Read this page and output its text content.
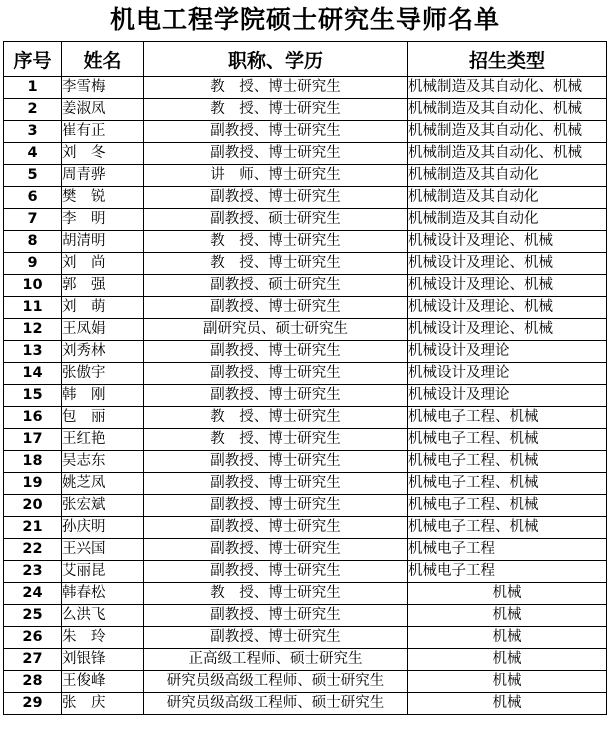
机电工程学院硕士研究生导师名单
序号	姓名	职称、学历	招生类型
1	李雪梅	教　授、博士研究生	机械制造及其自动化、机械
2	姜淑凤	教　授、博士研究生	机械制造及其自动化、机械
3	崔有正	副教授、博士研究生	机械制造及其自动化、机械
4	刘　冬	副教授、博士研究生	机械制造及其自动化、机械
5	周青骅	讲　师、博士研究生	机械制造及其自动化
6	樊　锐	副教授、博士研究生	机械制造及其自动化
7	李　明	副教授、硕士研究生	机械制造及其自动化
8	胡清明	教　授、博士研究生	机械设计及理论、机械
9	刘　尚	教　授、博士研究生	机械设计及理论、机械
10	郭　强	副教授、硕士研究生	机械设计及理论、机械
11	刘　萌	副教授、博士研究生	机械设计及理论、机械
12	王凤娟	副研究员、硕士研究生	机械设计及理论、机械
13	刘秀林	副教授、博士研究生	机械设计及理论
14	张傲宇	副教授、博士研究生	机械设计及理论
15	韩　刚	副教授、博士研究生	机械设计及理论
16	包　丽	教　授、博士研究生	机械电子工程、机械
17	王红艳	教　授、博士研究生	机械电子工程、机械
18	吴志东	副教授、博士研究生	机械电子工程、机械
19	姚芝凤	副教授、博士研究生	机械电子工程、机械
20	张宏斌	副教授、博士研究生	机械电子工程、机械
21	孙庆明	副教授、博士研究生	机械电子工程、机械
22	王兴国	副教授、博士研究生	机械电子工程
23	艾丽昆	副教授、博士研究生	机械电子工程
24	韩春松	教　授、博士研究生	机械
25	么洪飞	副教授、博士研究生	机械
26	朱　玲	副教授、博士研究生	机械
27	刘银锋	正高级工程师、硕士研究生	机械
28	王俊峰	研究员级高级工程师、硕士研究生	机械
29	张　庆	研究员级高级工程师、硕士研究生	机械
